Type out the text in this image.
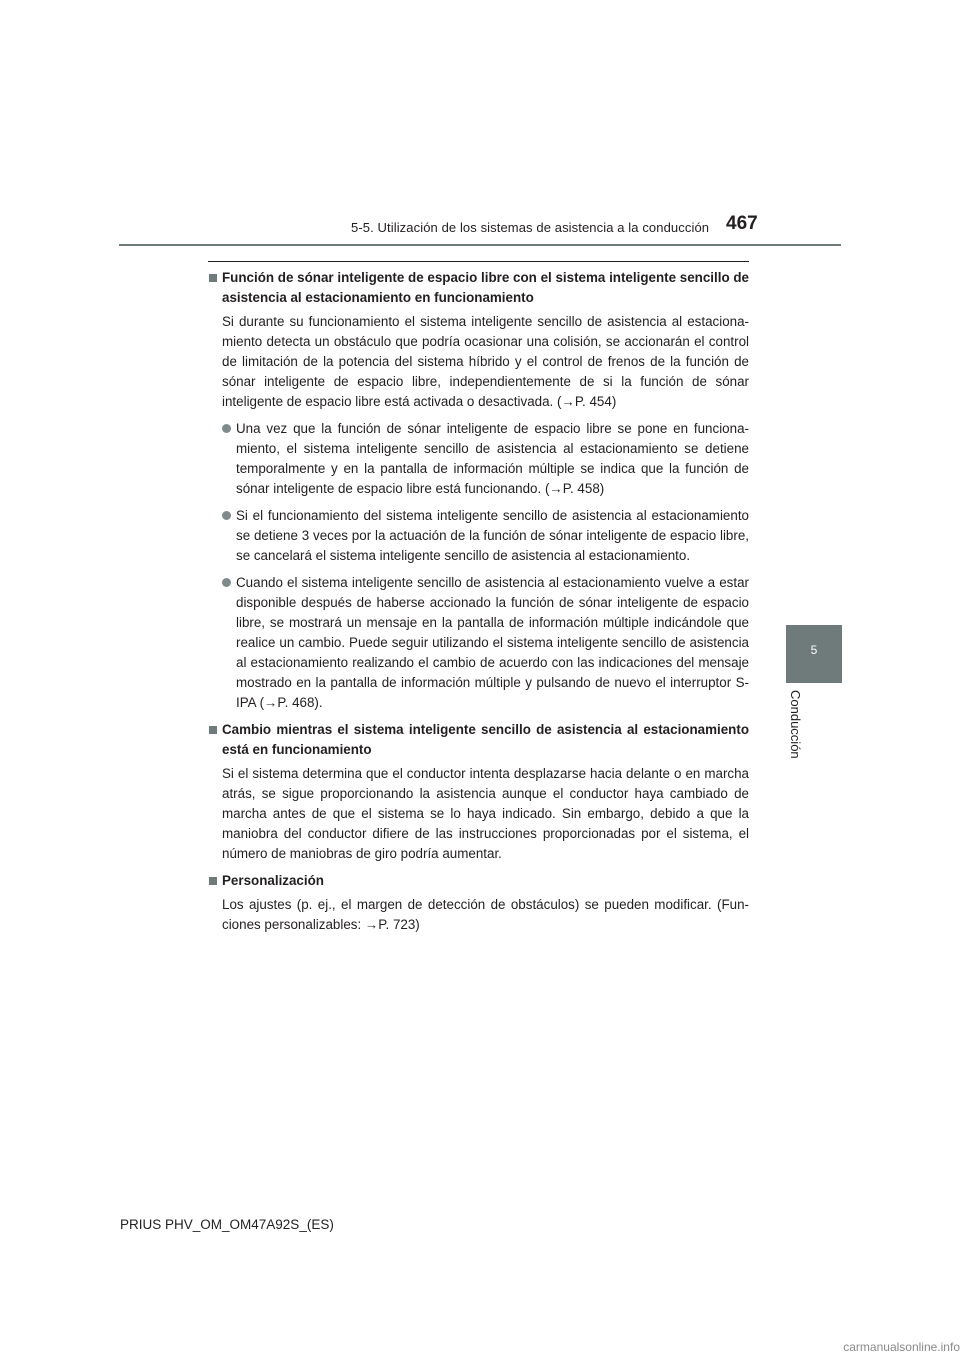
5-5. Utilización de los sistemas de asistencia a la conducción 467
5
Conducción
Función de sónar inteligente de espacio libre con el sistema inteligente sencillo de asistencia al estacionamiento en funcionamiento
Si durante su funcionamiento el sistema inteligente sencillo de asistencia al estacionamiento detecta un obstáculo que podría ocasionar una colisión, se accionarán el control de limitación de la potencia del sistema híbrido y el control de frenos de la función de sónar inteligente de espacio libre, independientemente de si la función de sónar inteligente de espacio libre está activada o desactivada. (→P. 454)
Una vez que la función de sónar inteligente de espacio libre se pone en funcionamiento, el sistema inteligente sencillo de asistencia al estacionamiento se detiene temporalmente y en la pantalla de información múltiple se indica que la función de sónar inteligente de espacio libre está funcionando. (→P. 458)
Si el funcionamiento del sistema inteligente sencillo de asistencia al estacionamiento se detiene 3 veces por la actuación de la función de sónar inteligente de espacio libre, se cancelará el sistema inteligente sencillo de asistencia al estacionamiento.
Cuando el sistema inteligente sencillo de asistencia al estacionamiento vuelve a estar disponible después de haberse accionado la función de sónar inteligente de espacio libre, se mostrará un mensaje en la pantalla de información múltiple indicándole que realice un cambio. Puede seguir utilizando el sistema inteligente sencillo de asistencia al estacionamiento realizando el cambio de acuerdo con las indicaciones del mensaje mostrado en la pantalla de información múltiple y pulsando de nuevo el interruptor S-IPA (→P. 468).
Cambio mientras el sistema inteligente sencillo de asistencia al estacionamiento está en funcionamiento
Si el sistema determina que el conductor intenta desplazarse hacia delante o en marcha atrás, se sigue proporcionando la asistencia aunque el conductor haya cambiado de marcha antes de que el sistema se lo haya indicado. Sin embargo, debido a que la maniobra del conductor difiere de las instrucciones proporcionadas por el sistema, el número de maniobras de giro podría aumentar.
Personalización
Los ajustes (p. ej., el margen de detección de obstáculos) se pueden modificar. (Funciones personalizables: →P. 723)
PRIUS PHV_OM_OM47A92S_(ES)
carmanualsonline.info
